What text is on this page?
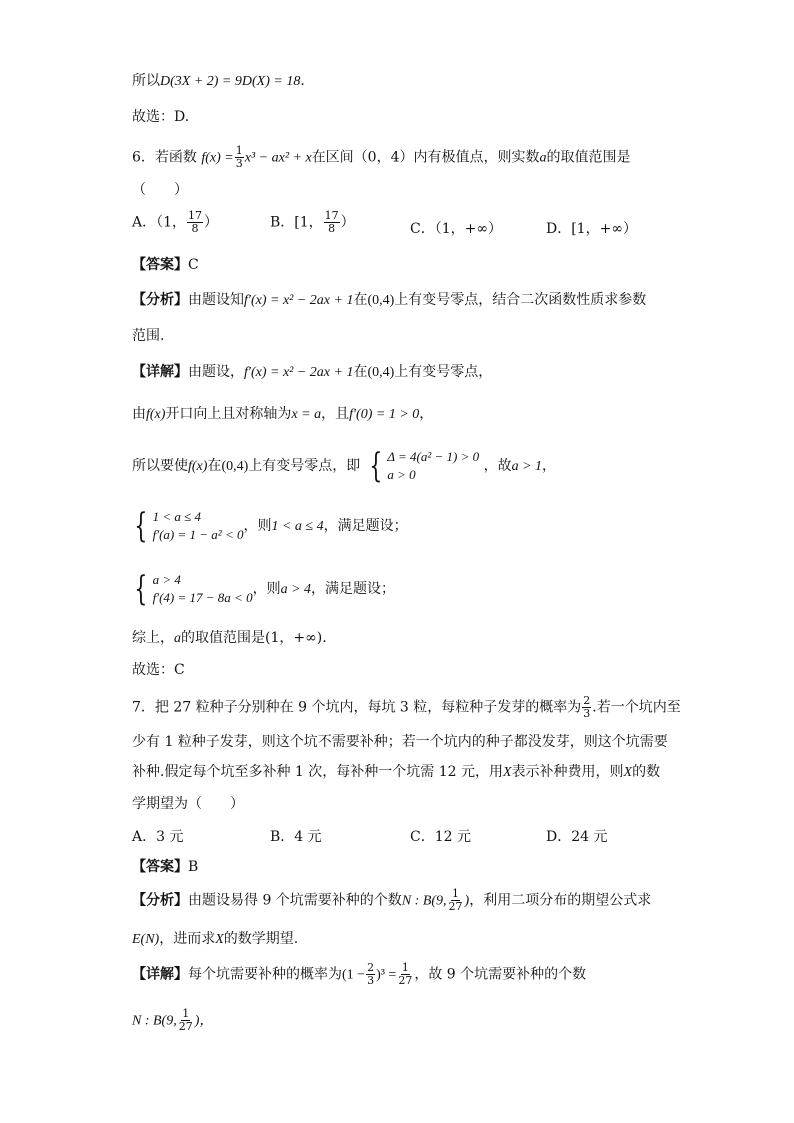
所以D(3X + 2) = 9D(X) = 18.
故选：D.
6．若函数 $f(x) = \frac{1}{3} x^3 - ax^2 + x$在区间（0，4）内有极值点，则实数a的取值范围是
（　　）
A．（1， $\frac{17}{8}$ ）	B．[1， $\frac{17}{8}$ ）	C．（1，+∞）	D．[1，+∞）
【答案】C
【分析】由题设知f′(x) = x² − 2ax + 1在(0,4)上有变号零点，结合二次函数性质求参数
范围.
【详解】由题设，f′(x) = x² − 2ax + 1在(0,4)上有变号零点，
由f(x)开口向上且对称轴为x = a，且f′(0) = 1 > 0，
所以要使f(x)在(0,4)上有变号零点，即 { Δ = 4(a² − 1) > 0
a > 0
，故a > 1，
{ 1 < a ≤ 4
f′(a) = 1 − a² < 0
，则1 < a ≤ 4，满足题设；
{ a > 4
f′(4) = 17 − 8a < 0
，则a > 4，满足题设；
综上，a的取值范围是(1，+∞).
故选：C
7．把 27 粒种子分别种在 9 个坑内，每坑 3 粒，每粒种子发芽的概率为 $\frac{2}{3}$ .若一个坑内至
少有 1 粒种子发芽，则这个坑不需要补种；若一个坑内的种子都没发芽，则这个坑需要
补种.假定每个坑至多补种 1 次，每补种一个坑需 12 元，用X表示补种费用，则X的数
学期望为（　　）
A．3 元	B．4 元	C．12 元	D．24 元
【答案】B
【分析】由题设易得 9 个坑需要补种的个数N : B(9, $\frac{1}{27}$ )，利用二项分布的期望公式求
E(N)，进而求X的数学期望.
【详解】每个坑需要补种的概率为$(1 - \frac{2}{3} )^3 = \frac{1}{27}$ ，故 9 个坑需要补种的个数
N : B(9, $\frac{1}{27}$ )，
